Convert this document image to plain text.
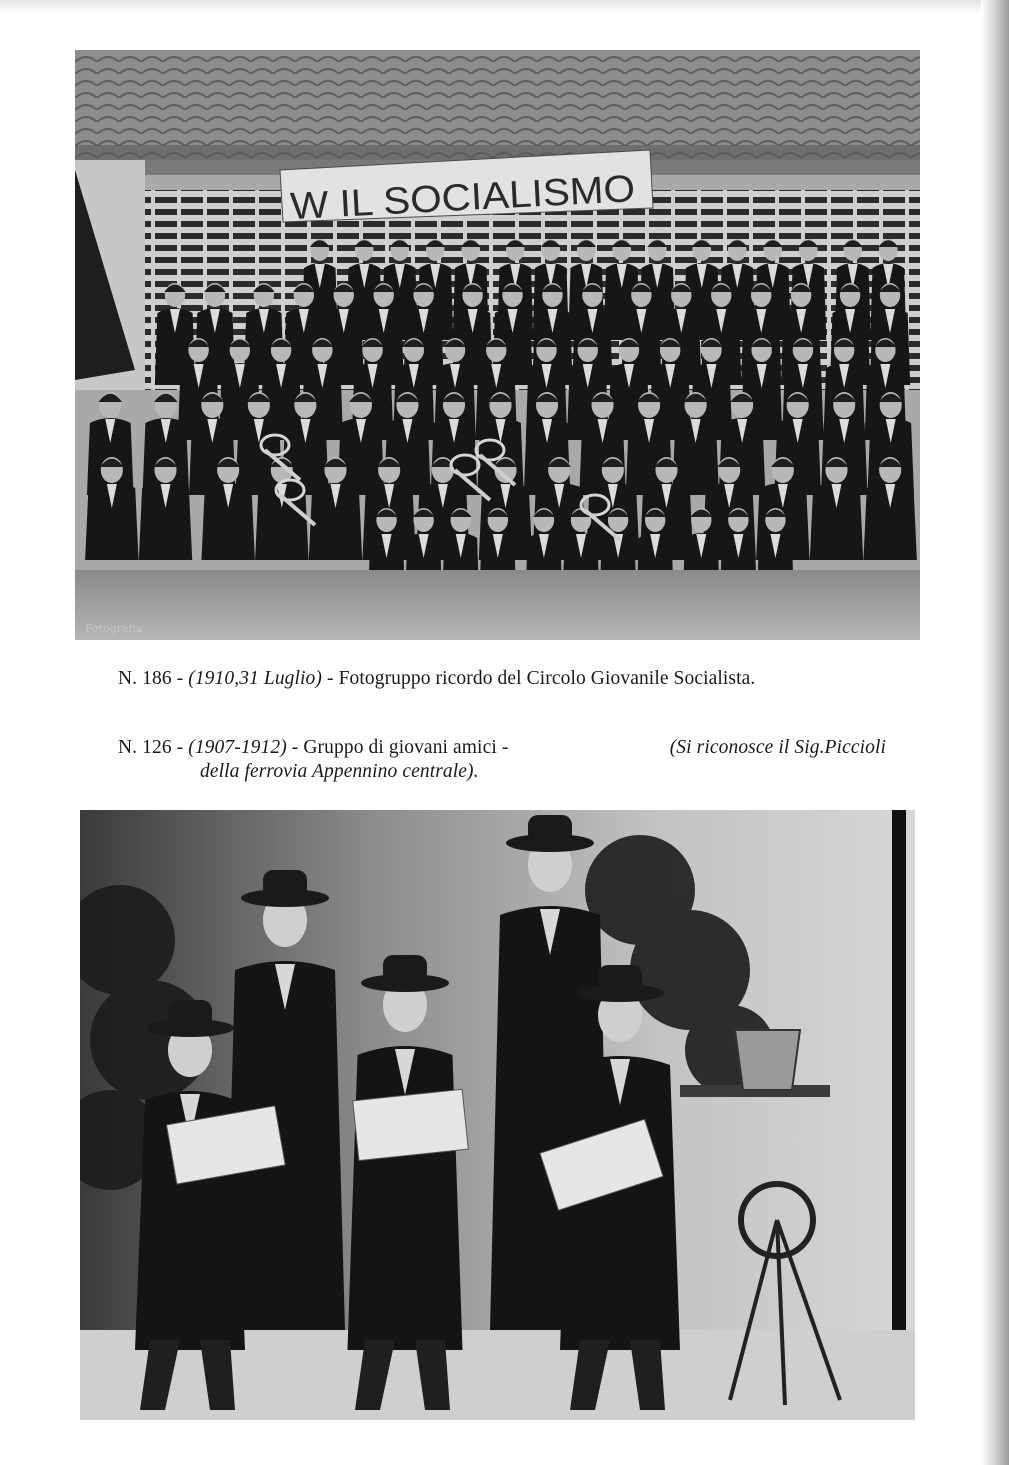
W IL SOCIALISMO
Fotografia
N. 186 - (1910,31 Luglio) - Fotogruppo ricordo del Circolo Giovanile Socialista.
N. 126 - (1907-1912) - Gruppo di giovani amici -	(Si riconosce il Sig.Piccioli
della ferrovia Appennino centrale).
